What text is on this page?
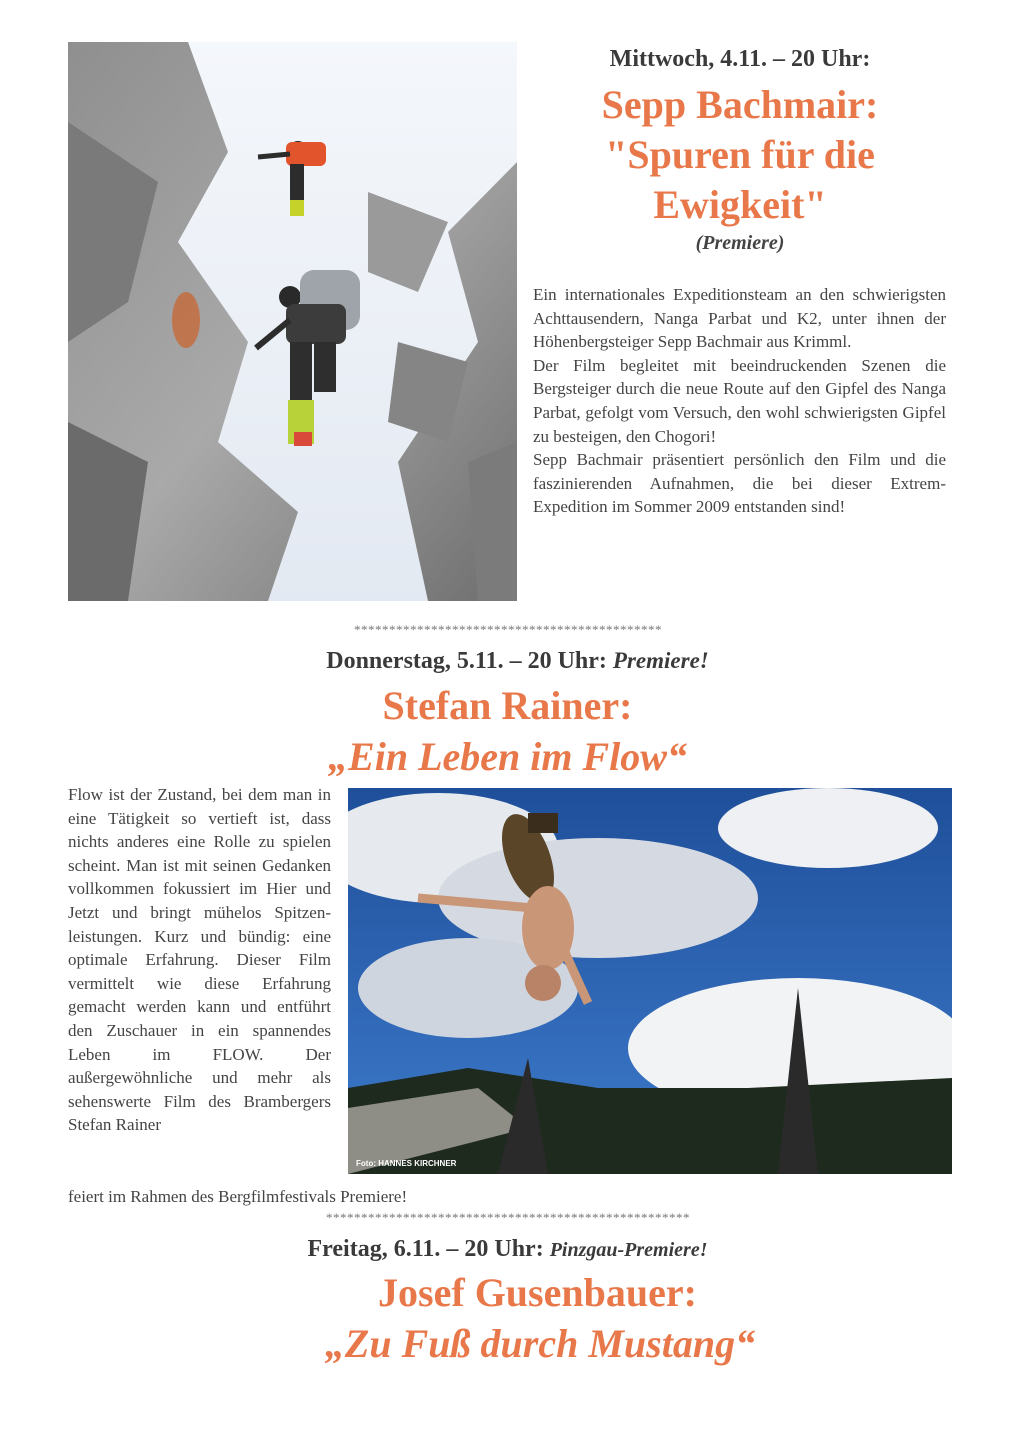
Mittwoch, 4.11. – 20 Uhr:
Sepp Bachmair:
"Spuren für die
Ewigkeit"
(Premiere)
Ein internationales Expeditionsteam an den schwierigsten Achttausendern, Nanga Parbat und K2, unter ihnen der Höhenbergsteiger Sepp Bachmair aus Krimml.
Der Film begleitet mit beeindruckenden Szenen die Bergsteiger durch die neue Route auf den Gipfel des Nanga Parbat, gefolgt vom Versuch, den wohl schwierigsten Gipfel zu besteigen, den Chogori!
Sepp Bachmair präsentiert persönlich den Film und die faszinierenden Aufnahmen, die bei dieser Extrem-Expedition im Sommer 2009 entstanden sind!
********************************************
Donnerstag, 5.11. – 20 Uhr: Premiere!
Stefan Rainer:
„Ein Leben im Flow“
Flow ist der Zustand, bei dem man in eine Tätigkeit so vertieft ist, dass nichts anderes eine Rolle zu spielen scheint. Man ist mit seinen Gedanken vollkommen fokussiert im Hier und Jetzt und bringt mühelos Spitzen-leistungen. Kurz und bündig: eine optimale Erfahrung. Dieser Film vermittelt wie diese Erfahrung gemacht werden kann und entführt den Zuschauer in ein spannendes Leben im FLOW. Der außergewöhnliche und mehr als sehenswerte Film des Brambergers Stefan Rainer
feiert im Rahmen des Bergfilmfestivals Premiere!
Foto: HANNES KIRCHNER
****************************************************
Freitag, 6.11. – 20 Uhr: Pinzgau-Premiere!
Josef Gusenbauer:
„Zu Fuß durch Mustang“
